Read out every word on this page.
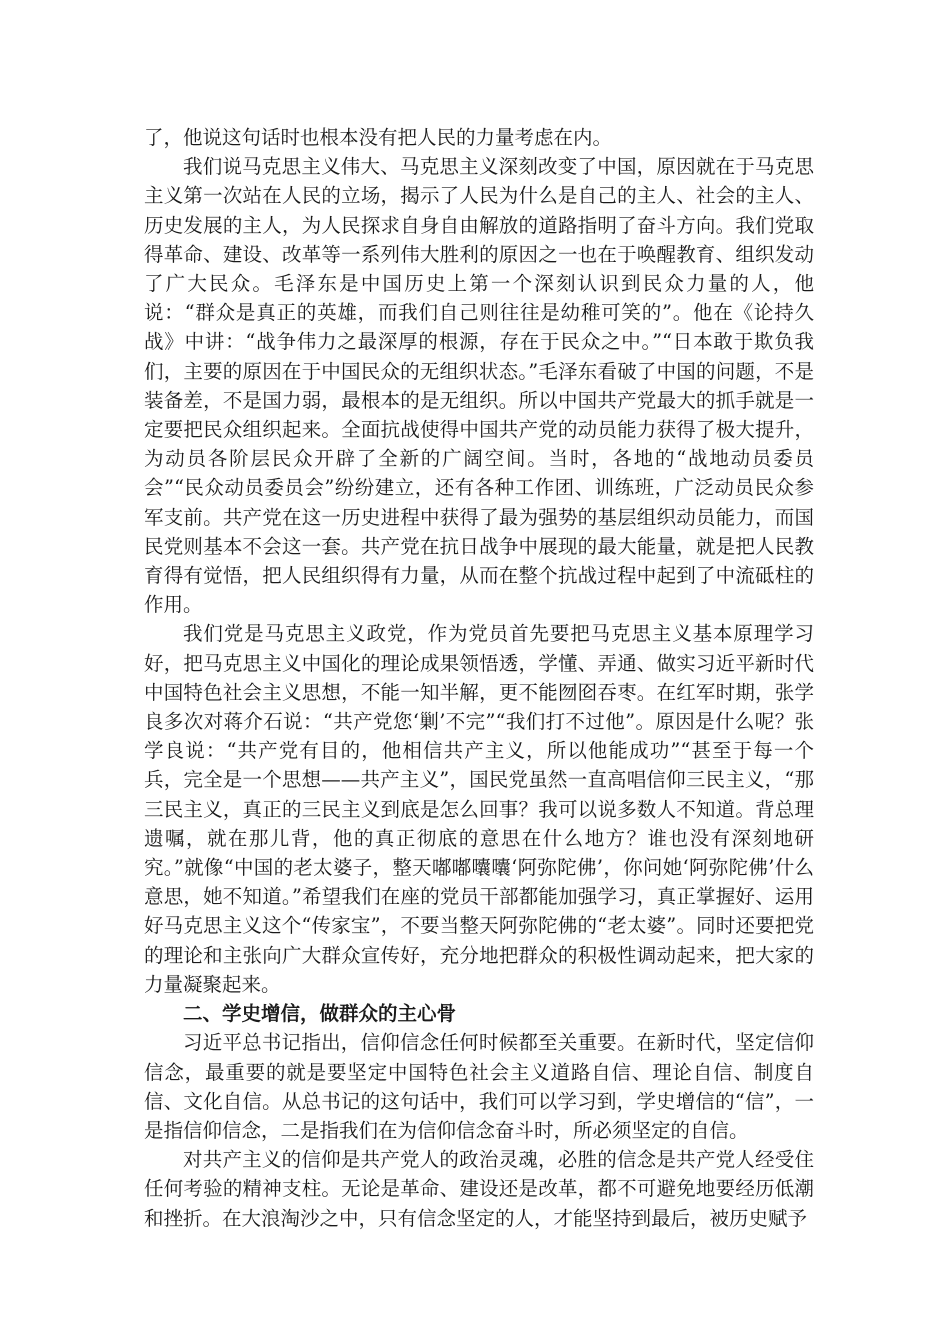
了，他说这句话时也根本没有把人民的力量考虑在内。

我们说马克思主义伟大、马克思主义深刻改变了中国，原因就在于马克思主义第一次站在人民的立场，揭示了人民为什么是自己的主人、社会的主人、历史发展的主人，为人民探求自身自由解放的道路指明了奋斗方向。我们党取得革命、建设、改革等一系列伟大胜利的原因之一也在于唤醒教育、组织发动了广大民众。毛泽东是中国历史上第一个深刻认识到民众力量的人，他说：“群众是真正的英雄，而我们自己则往往是幼稚可笑的”。他在《论持久战》中讲：“战争伟力之最深厚的根源，存在于民众之中。”“日本敢于欺负我们，主要的原因在于中国民众的无组织状态。”毛泽东看破了中国的问题，不是装备差，不是国力弱，最根本的是无组织。所以中国共产党最大的抓手就是一定要把民众组织起来。全面抗战使得中国共产党的动员能力获得了极大提升，为动员各阶层民众开辟了全新的广阔空间。当时，各地的“战地动员委员会”“民众动员委员会”纷纷建立，还有各种工作团、训练班，广泛动员民众参军支前。共产党在这一历史进程中获得了最为强势的基层组织动员能力，而国民党则基本不会这一套。共产党在抗日战争中展现的最大能量，就是把人民教育得有觉悟，把人民组织得有力量，从而在整个抗战过程中起到了中流砥柱的作用。

我们党是马克思主义政党，作为党员首先要把马克思主义基本原理学习好，把马克思主义中国化的理论成果领悟透，学懂、弄通、做实习近平新时代中国特色社会主义思想，不能一知半解，更不能囫囵吞枣。在红军时期，张学良多次对蒋介石说：“共产党您‘剿’不完”“我们打不过他”。原因是什么呢？张学良说：“共产党有目的，他相信共产主义，所以他能成功”“甚至于每一个兵，完全是一个思想——共产主义”，国民党虽然一直高唱信仰三民主义，“那三民主义，真正的三民主义到底是怎么回事？我可以说多数人不知道。背总理遗嘱，就在那儿背，他的真正彻底的意思在什么地方？谁也没有深刻地研究。”就像“中国的老太婆子，整天嘟嘟囔囔‘阿弥陀佛’，你问她‘阿弥陀佛’什么意思，她不知道。”希望我们在座的党员干部都能加强学习，真正掌握好、运用好马克思主义这个“传家宝”，不要当整天阿弥陀佛的“老太婆”。同时还要把党的理论和主张向广大群众宣传好，充分地把群众的积极性调动起来，把大家的力量凝聚起来。

二、学史增信，做群众的主心骨

习近平总书记指出，信仰信念任何时候都至关重要。在新时代，坚定信仰信念，最重要的就是要坚定中国特色社会主义道路自信、理论自信、制度自信、文化自信。从总书记的这句话中，我们可以学习到，学史增信的“信”，一是指信仰信念，二是指我们在为信仰信念奋斗时，所必须坚定的自信。

对共产主义的信仰是共产党人的政治灵魂，必胜的信念是共产党人经受住任何考验的精神支柱。无论是革命、建设还是改革，都不可避免地要经历低潮和挫折。在大浪淘沙之中，只有信念坚定的人，才能坚持到最后，被历史赋予
